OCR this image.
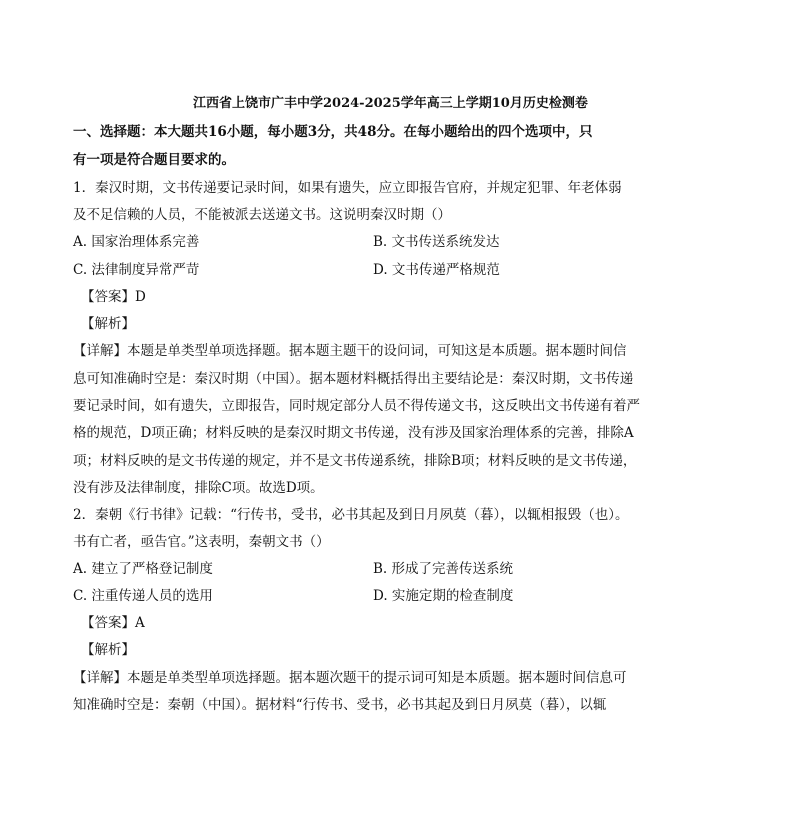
江西省上饶市广丰中学2024-2025学年高三上学期10月历史检测卷
一、选择题：本大题共16小题，每小题3分，共48分。在每小题给出的四个选项中，只
有一项是符合题目要求的。
1．秦汉时期，文书传递要记录时间，如果有遗失，应立即报告官府，并规定犯罪、年老体弱
及不足信赖的人员，不能被派去送递文书。这说明秦汉时期（）
A. 国家治理体系完善	B. 文书传送系统发达
C. 法律制度异常严苛	D. 文书传递严格规范
【答案】D
【解析】
【详解】本题是单类型单项选择题。据本题主题干的设问词，可知这是本质题。据本题时间信
息可知准确时空是：秦汉时期（中国）。据本题材料概括得出主要结论是：秦汉时期，文书传递
要记录时间，如有遗失，立即报告，同时规定部分人员不得传递文书，这反映出文书传递有着严
格的规范，D项正确；材料反映的是秦汉时期文书传递，没有涉及国家治理体系的完善，排除A
项；材料反映的是文书传递的规定，并不是文书传递系统，排除B项；材料反映的是文书传递，
没有涉及法律制度，排除C项。故选D项。
2．秦朝《行书律》记载：“行传书，受书，必书其起及到日月夙莫（暮），以辄相报毁（也）。
书有亡者，亟告官。”这表明，秦朝文书（）
A. 建立了严格登记制度	B. 形成了完善传送系统
C. 注重传递人员的选用	D. 实施定期的检查制度
【答案】A
【解析】
【详解】本题是单类型单项选择题。据本题次题干的提示词可知是本质题。据本题时间信息可
知准确时空是：秦朝（中国）。据材料“行传书、受书，必书其起及到日月夙莫（暮），以辄
